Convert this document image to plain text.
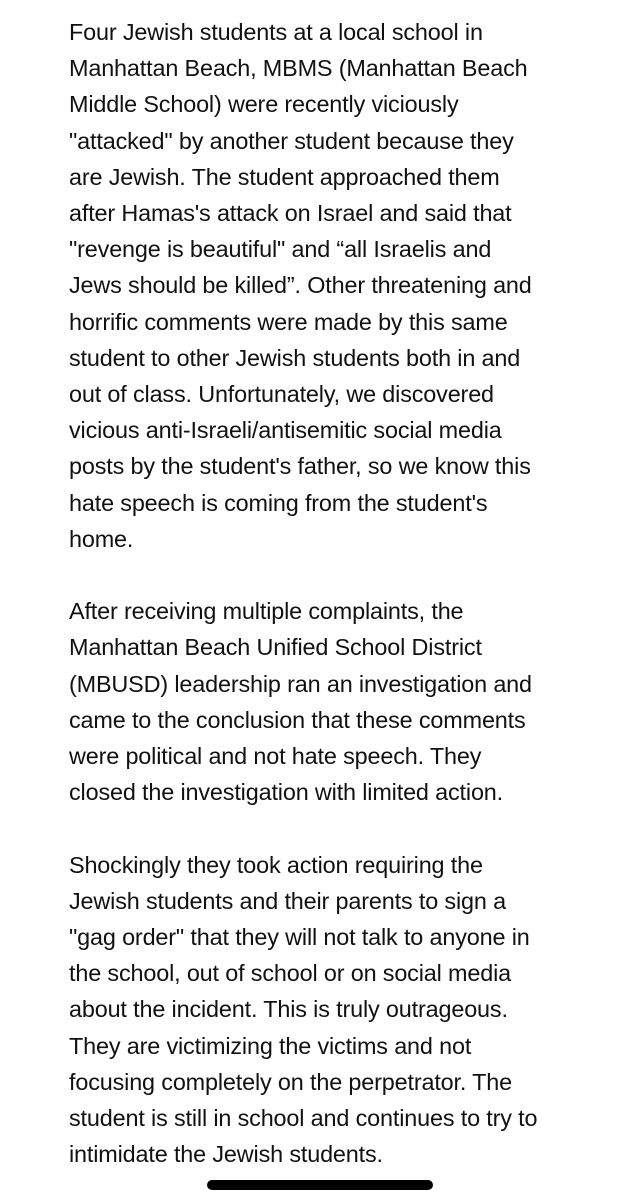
Four Jewish students at a local school in
Manhattan Beach, MBMS (Manhattan Beach
Middle School) were recently viciously
"attacked" by another student because they
are Jewish. The student approached them
after Hamas's attack on Israel and said that
"revenge is beautiful" and “all Israelis and
Jews should be killed”. Other threatening and
horrific comments were made by this same
student to other Jewish students both in and
out of class. Unfortunately, we discovered
vicious anti-Israeli/antisemitic social media
posts by the student's father, so we know this
hate speech is coming from the student's
home.

After receiving multiple complaints, the
Manhattan Beach Unified School District
(MBUSD) leadership ran an investigation and
came to the conclusion that these comments
were political and not hate speech. They
closed the investigation with limited action.

Shockingly they took action requiring the
Jewish students and their parents to sign a
"gag order" that they will not talk to anyone in
the school, out of school or on social media
about the incident. This is truly outrageous.
They are victimizing the victims and not
focusing completely on the perpetrator. The
student is still in school and continues to try to
intimidate the Jewish students.
